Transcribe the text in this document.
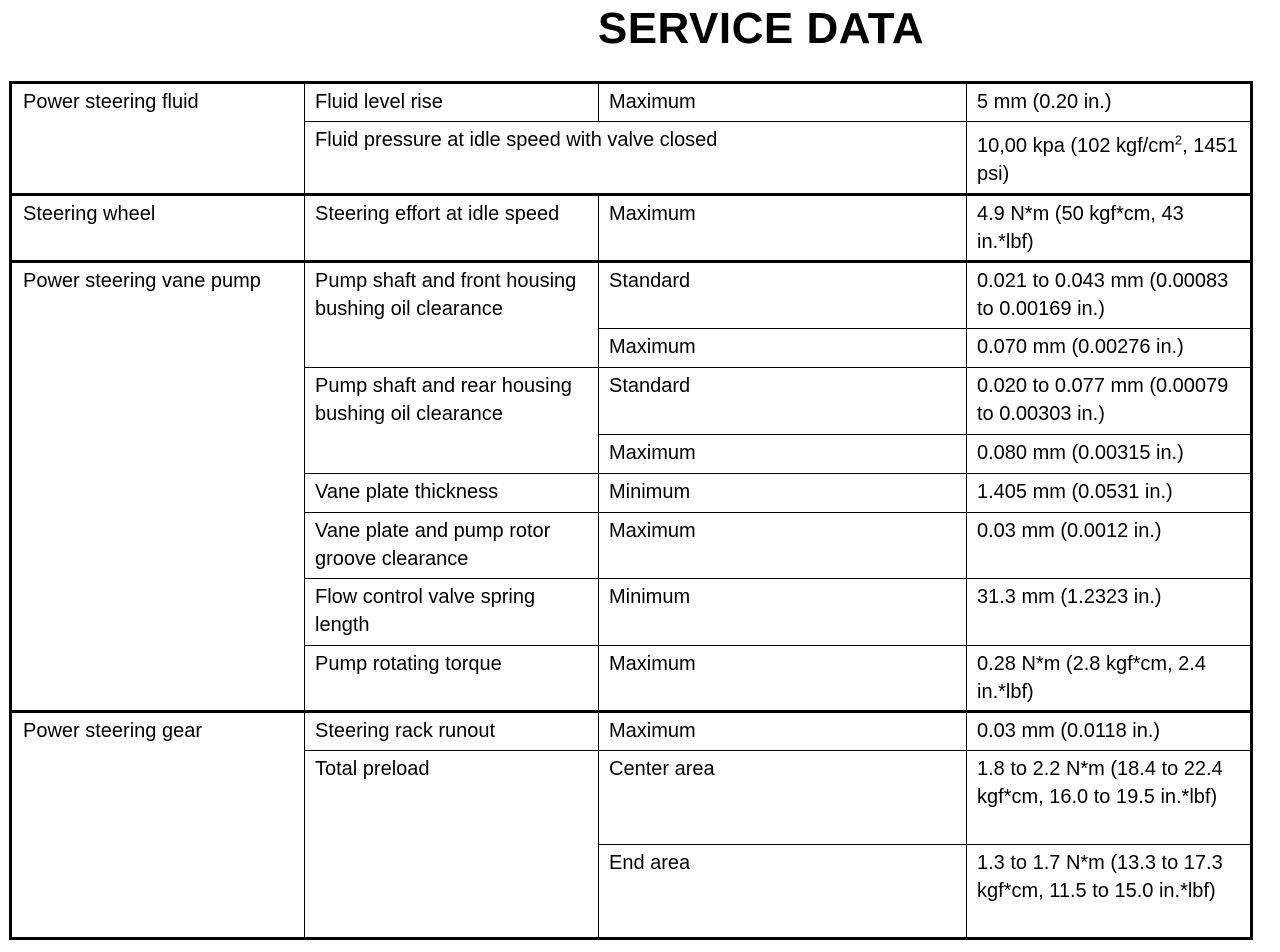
SERVICE DATA
Power steering fluid	Fluid level rise	Maximum	5 mm (0.20 in.)
	Fluid pressure at idle speed with valve closed		10,00 kpa (102 kgf/$cm^2$, 1451 psi)
Steering wheel	Steering effort at idle speed	Maximum	4.9 N*m (50 kgf*cm, 43 in.*lbf)
Power steering vane pump	Pump shaft and front housing bushing oil clearance	Standard	0.021 to 0.043 mm (0.00083 to 0.00169 in.)
		Maximum	0.070 mm (0.00276 in.)
	Pump shaft and rear housing bushing oil clearance	Standard	0.020 to 0.077 mm (0.00079 to 0.00303 in.)
		Maximum	0.080 mm (0.00315 in.)
	Vane plate thickness	Minimum	1.405 mm (0.0531 in.)
	Vane plate and pump rotor groove clearance	Maximum	0.03 mm (0.0012 in.)
	Flow control valve spring length	Minimum	31.3 mm (1.2323 in.)
	Pump rotating torque	Maximum	0.28 N*m (2.8 kgf*cm, 2.4 in.*lbf)

Power steering gear	Steering rack runout	Maximum	0.03 mm (0.0118 in.)
	Total preload	Center area	1.8 to 2.2 N*m (18.4 to 22.4 kgf*cm, 16.0 to 19.5 in.*lbf)
		End area	1.3 to 1.7 N*m (13.3 to 17.3 kgf*cm, 11.5 to 15.0 in.*lbf)
